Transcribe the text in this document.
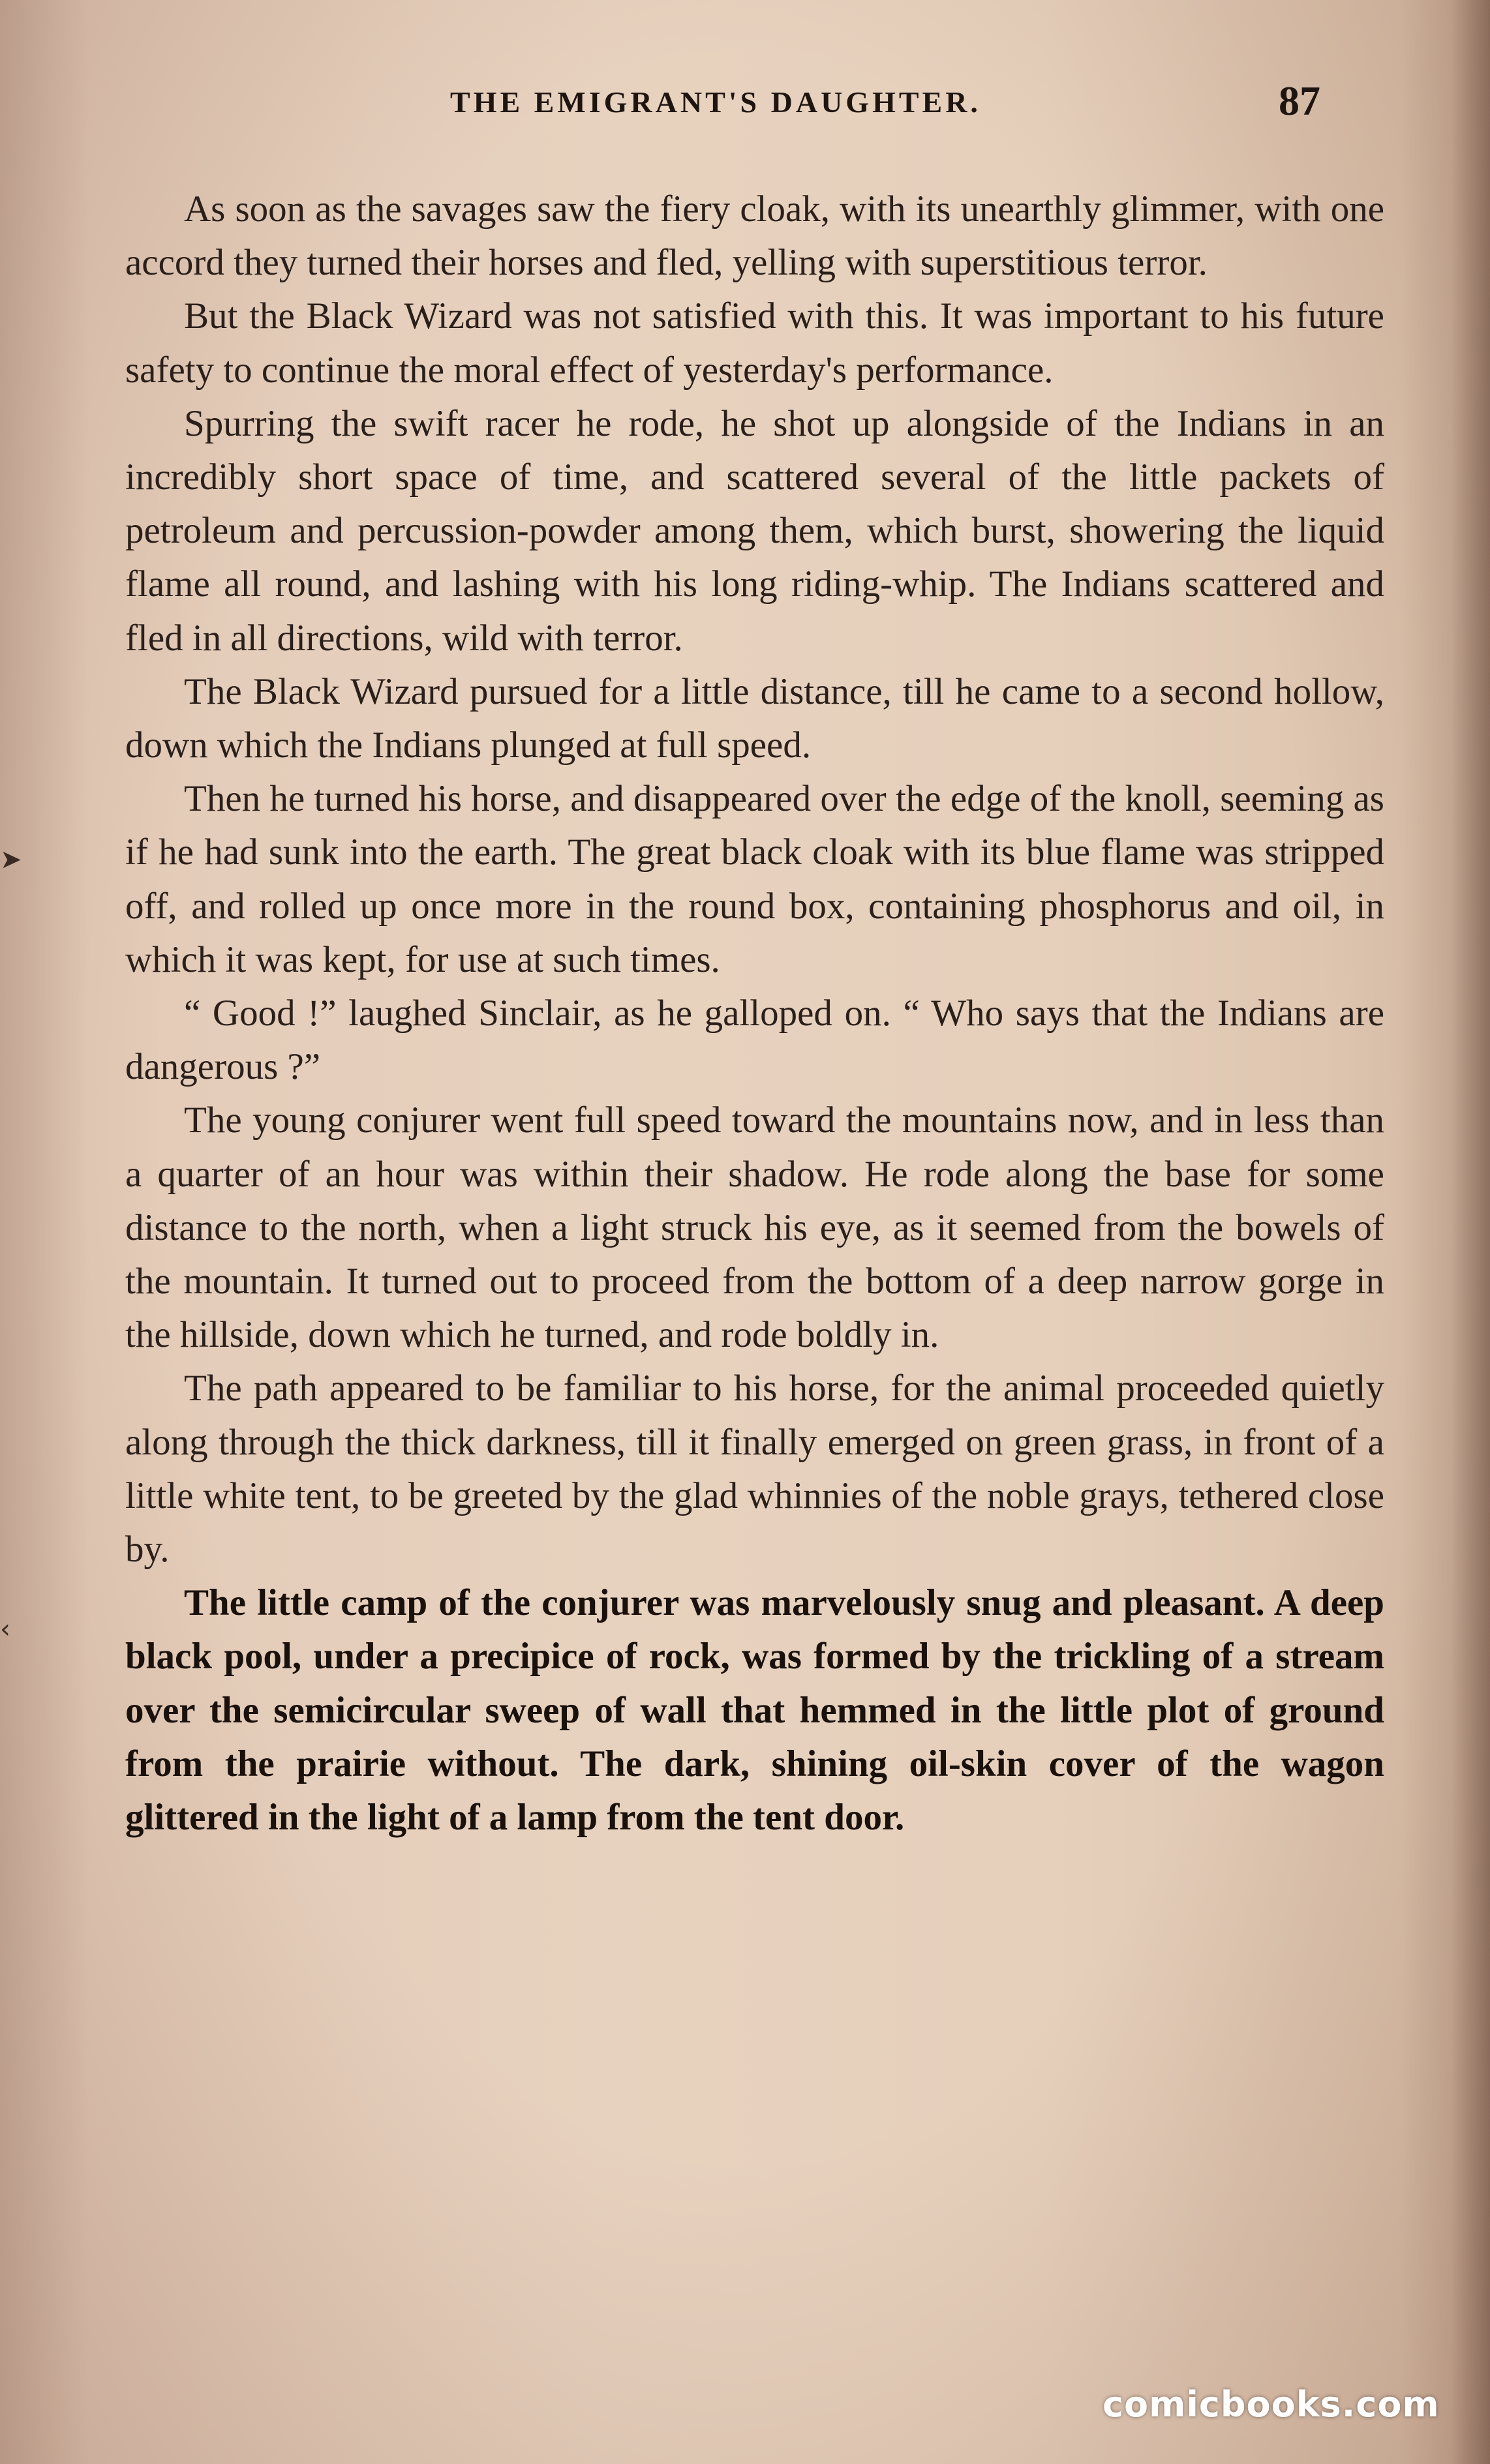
THE EMIGRANT'S DAUGHTER.	87

As soon as the savages saw the fiery cloak, with its unearthly glimmer, with one accord they turned their horses and fled, yelling with superstitious terror.

But the Black Wizard was not satisfied with this. It was important to his future safety to continue the moral effect of yesterday's performance.

Spurring the swift racer he rode, he shot up alongside of the Indians in an incredibly short space of time, and scattered several of the little packets of petroleum and percussion-powder among them, which burst, showering the liquid flame all round, and lashing with his long riding-whip. The Indians scattered and fled in all directions, wild with terror.

The Black Wizard pursued for a little distance, till he came to a second hollow, down which the Indians plunged at full speed.

Then he turned his horse, and disappeared over the edge of the knoll, seeming as if he had sunk into the earth. The great black cloak with its blue flame was stripped off, and rolled up once more in the round box, containing phosphorus and oil, in which it was kept, for use at such times.

“ Good !” laughed Sinclair, as he galloped on. “ Who says that the Indians are dangerous ?”

The young conjurer went full speed toward the mountains now, and in less than a quarter of an hour was within their shadow. He rode along the base for some distance to the north, when a light struck his eye, as it seemed from the bowels of the mountain. It turned out to proceed from the bottom of a deep narrow gorge in the hillside, down which he turned, and rode boldly in.

The path appeared to be familiar to his horse, for the animal proceeded quietly along through the thick darkness, till it finally emerged on green grass, in front of a little white tent, to be greeted by the glad whinnies of the noble grays, tethered close by.

The little camp of the conjurer was marvelously snug and pleasant. A deep black pool, under a precipice of rock, was formed by the trickling of a stream over the semicircular sweep of wall that hemmed in the little plot of ground from the prairie without. The dark, shining oil-skin cover of the wagon glittered in the light of a lamp from the tent door.

➤
‹
comicbooks.com
